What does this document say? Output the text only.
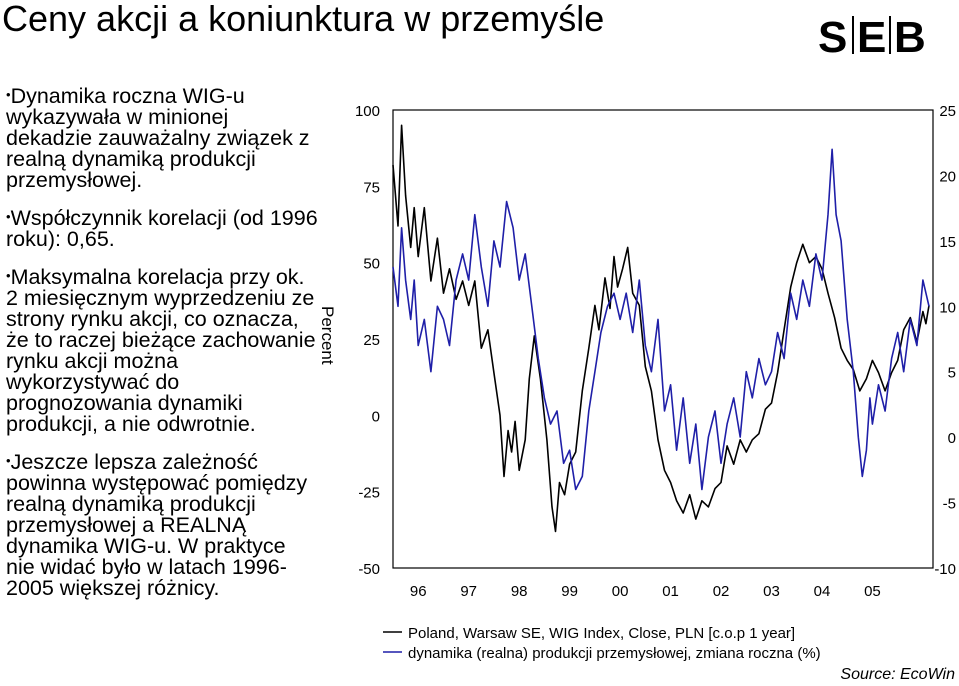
Ceny akcji a koniunktura w przemyśle	S E B
• Dynamika roczna WIG-u wykazywała w minionej dekadzie zauważalny związek z realną dynamiką produkcji przemysłowej.
• Współczynnik korelacji (od 1996 roku): 0,65.
• Maksymalna korelacja przy ok. 2 miesięcznym wyprzedzeniu ze strony rynku akcji, co oznacza, że to raczej bieżące zachowanie rynku akcji można wykorzystywać do prognozowania dynamiki produkcji, a nie odwrotnie.
• Jeszcze lepsza zależność powinna występować pomiędzy realną dynamiką produkcji przemysłowej a REALNĄ dynamika WIG-u. W praktyce nie widać było w latach 1996-2005 większej różnicy.
Percent
100
75
50
25
0
-25
-50
25
20
15
10
5
0
-5
-10
96 97 98 99 00 01 02 03 04 05
Poland, Warsaw SE, WIG Index, Close, PLN [c.o.p 1 year]
dynamika (realna) produkcji przemysłowej, zmiana roczna (%)
Source: EcoWin
